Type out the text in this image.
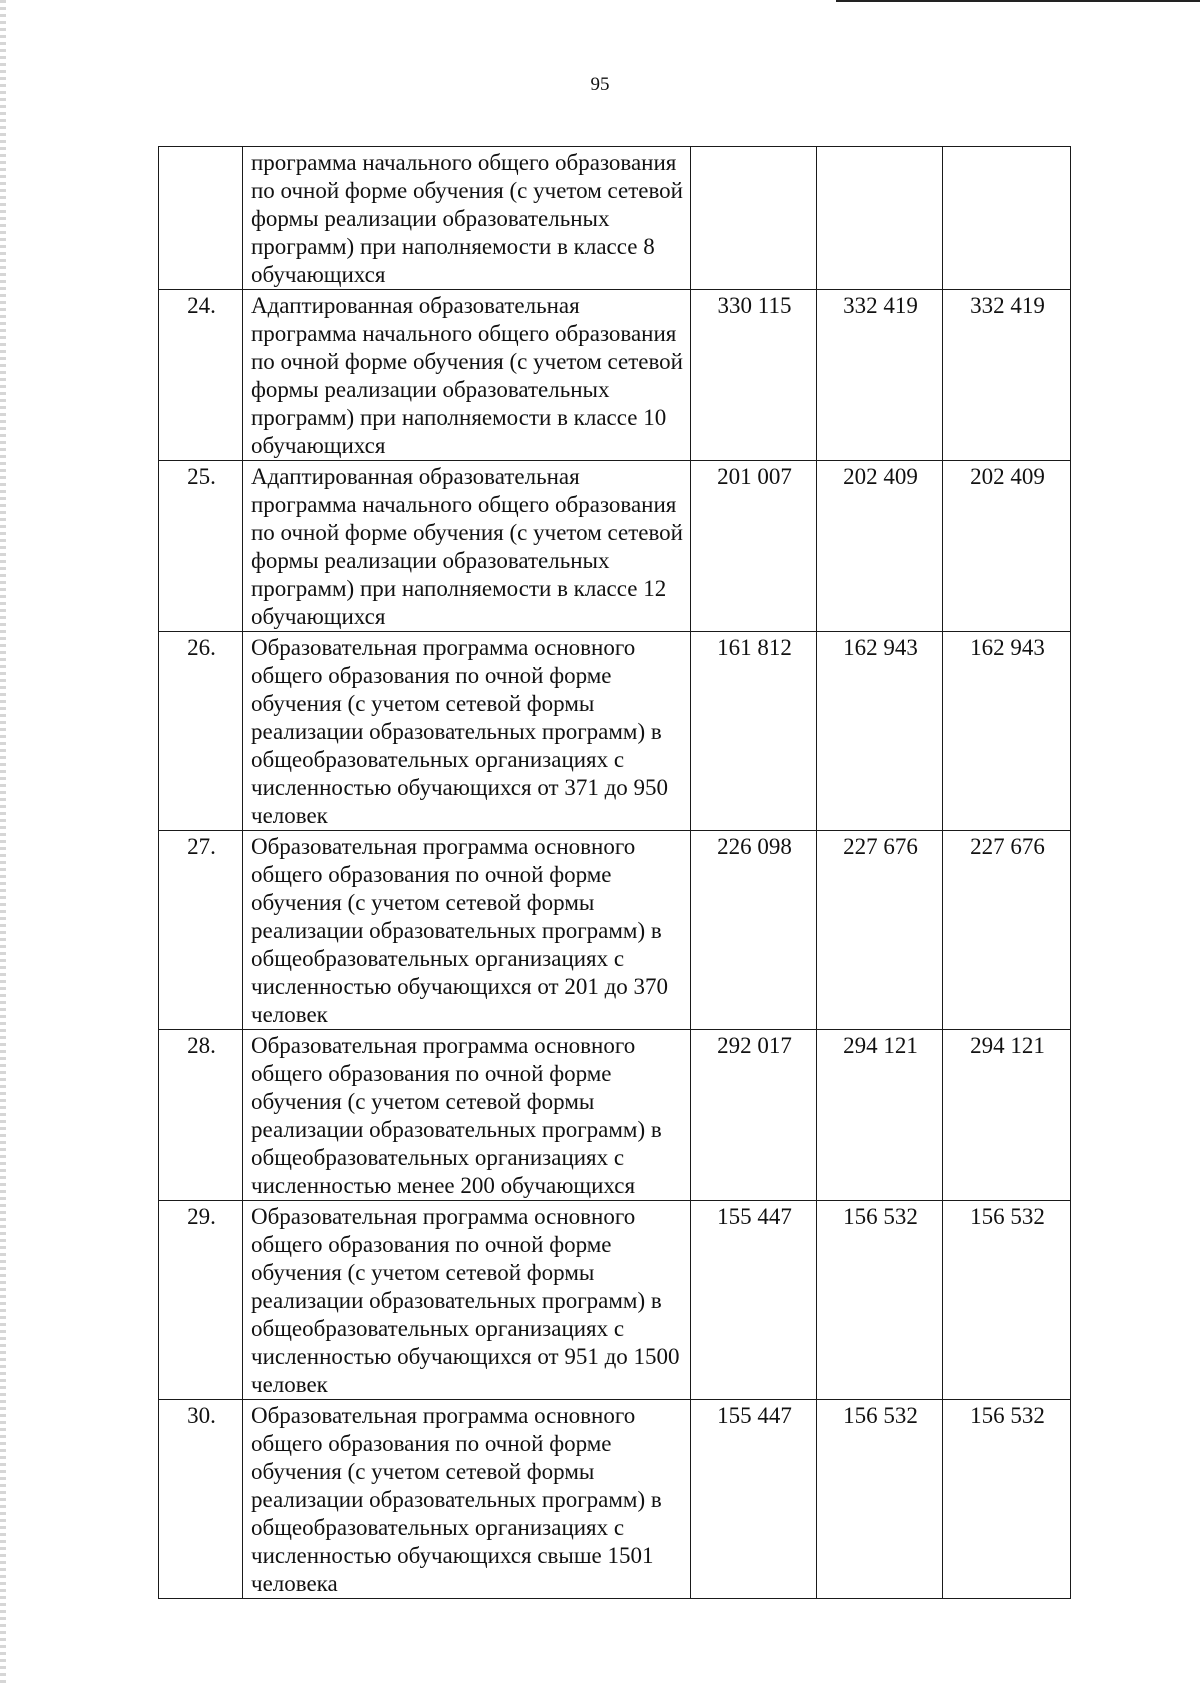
95
	программа начального общего образования по очной форме обучения (с учетом сетевой формы реализации образовательных программ) при наполняемости в классе 8 обучающихся			
24.	Адаптированная образовательная программа начального общего образования по очной форме обучения (с учетом сетевой формы реализации образовательных программ) при наполняемости в классе 10 обучающихся	330 115	332 419	332 419
25.	Адаптированная образовательная программа начального общего образования по очной форме обучения (с учетом сетевой формы реализации образовательных программ) при наполняемости в классе 12 обучающихся	201 007	202 409	202 409
26.	Образовательная программа основного общего образования по очной форме обучения (с учетом сетевой формы реализации образовательных программ) в общеобразовательных организациях с численностью обучающихся от 371 до 950 человек	161 812	162 943	162 943
27.	Образовательная программа основного общего образования по очной форме обучения (с учетом сетевой формы реализации образовательных программ) в общеобразовательных организациях с численностью обучающихся от 201 до 370 человек	226 098	227 676	227 676
28.	Образовательная программа основного общего образования по очной форме обучения (с учетом сетевой формы реализации образовательных программ) в общеобразовательных организациях с численностью менее 200 обучающихся	292 017	294 121	294 121
29.	Образовательная программа основного общего образования по очной форме обучения (с учетом сетевой формы реализации образовательных программ) в общеобразовательных организациях с численностью обучающихся от 951 до 1500 человек	155 447	156 532	156 532
30.	Образовательная программа основного общего образования по очной форме обучения (с учетом сетевой формы реализации образовательных программ) в общеобразовательных организациях с численностью обучающихся свыше 1501 человека	155 447	156 532	156 532
